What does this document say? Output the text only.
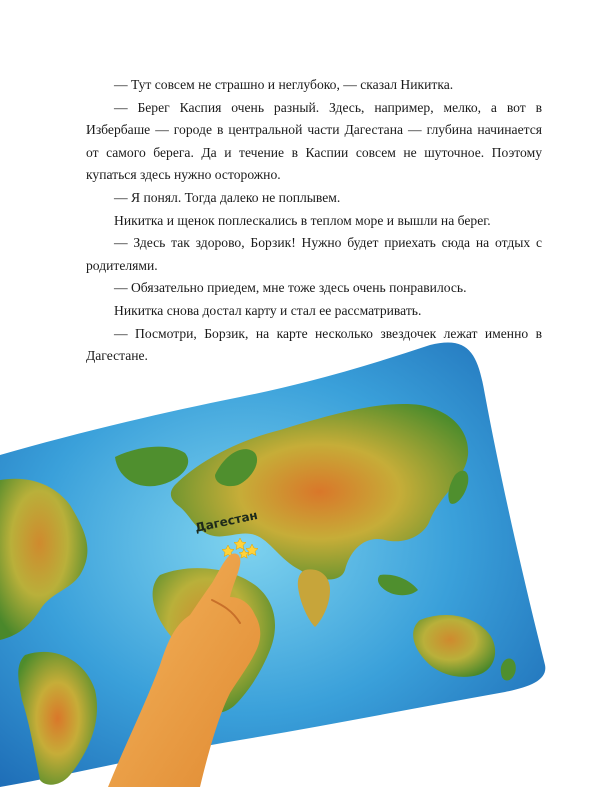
— Тут совсем не страшно и неглубоко, — сказал Никитка.

— Берег Каспия очень разный. Здесь, например, мелко, а вот в Избербаше — городе в центральной части Дагестана — глубина начинается от самого берега. Да и течение в Каспии совсем не шуточное. Поэтому купаться здесь нужно осторожно.

— Я понял. Тогда далеко не поплывем.

Никитка и щенок поплескались в теплом море и вышли на берег.

— Здесь так здорово, Борзик! Нужно будет приехать сюда на отдых с родителями.

— Обязательно приедем, мне тоже здесь очень понравилось.

Никитка снова достал карту и стал ее рассматривать.

— Посмотри, Борзик, на карте несколько звездочек лежат именно в Дагестане.

Дагестан
